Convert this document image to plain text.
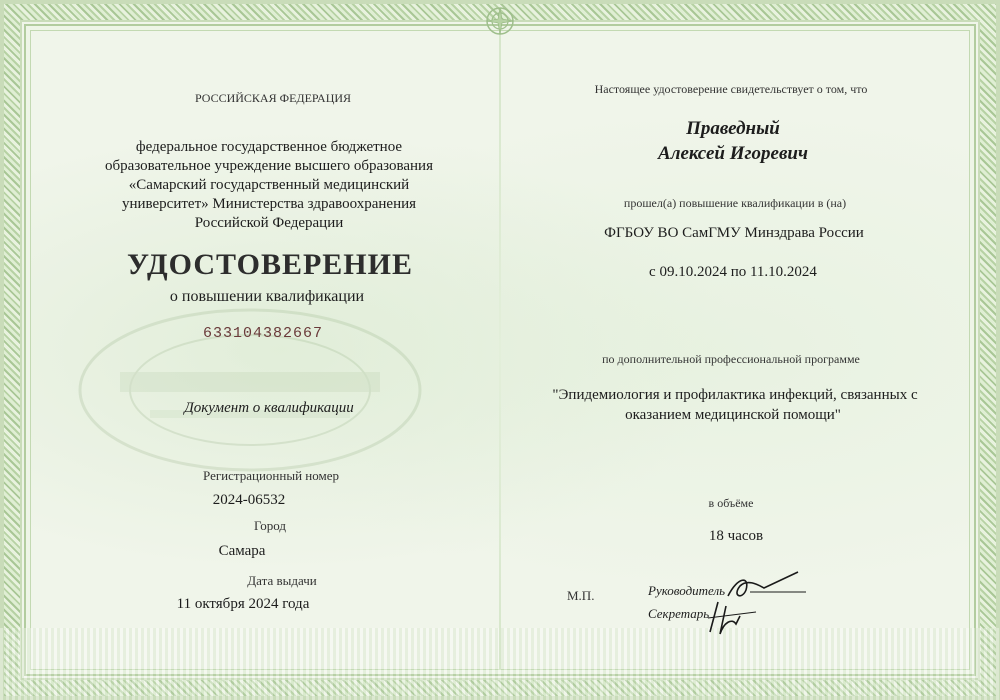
РОССИЙСКАЯ ФЕДЕРАЦИЯ
федеральное государственное бюджетное
образовательное учреждение высшего образования
«Самарский государственный медицинский
университет» Министерства здравоохранения
Российской Федерации
УДОСТОВЕРЕНИЕ
о повышении квалификации
633104382667
Документ о квалификации
Регистрационный номер
2024-06532
Город
Самара
Дата выдачи
11 октября 2024 года
Настоящее удостоверение свидетельствует о том, что
Праведный
Алексей Игоревич
прошел(а) повышение квалификации в (на)
ФГБОУ ВО СамГМУ Минздрава России
с 09.10.2024 по 11.10.2024
по дополнительной профессиональной программе
"Эпидемиология и профилактика инфекций, связанных с
оказанием медицинской помощи"
в объёме
18 часов
М.П.	Руководитель
Секретарь
